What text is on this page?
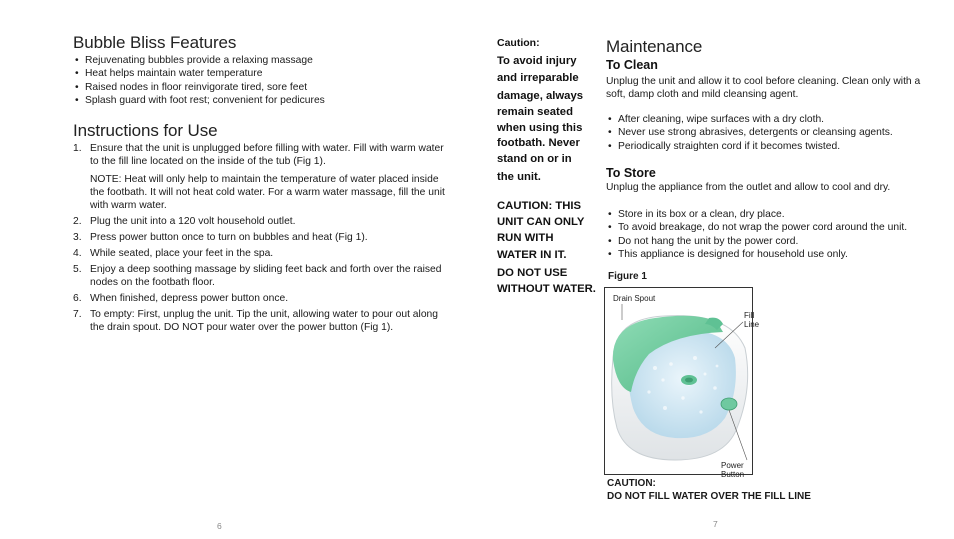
Bubble Bliss Features
• Rejuvenating bubbles provide a relaxing massage
• Heat helps maintain water temperature
• Raised nodes in floor reinvigorate tired, sore feet
• Splash guard with foot rest; convenient for pedicures
Instructions for Use
1. Ensure that the unit is unplugged before filling with water. Fill with warm water to the fill line located on the inside of the tub (Fig 1).
NOTE: Heat will only help to maintain the temperature of water placed inside the footbath. It will not heat cold water. For a warm water massage, fill the unit with warm water.
2. Plug the unit into a 120 volt household outlet.
3. Press power button once to turn on bubbles and heat (Fig 1).
4. While seated, place your feet in the spa.
5. Enjoy a deep soothing massage by sliding feet back and forth over the raised nodes on the footbath floor.
6. When finished, depress power button once.
7. To empty: First, unplug the unit. Tip the unit, allowing water to pour out along the drain spout. DO NOT pour water over the power button (Fig 1).
6

Caution:

To avoid injury

and irreparable

damage, always remain seated when using this footbath. Never stand on or in

the unit.

CAUTION: THIS UNIT CAN ONLY RUN WITH

WATER IN IT.

DO NOT USE WITHOUT WATER.

Maintenance
To Clean

Unplug the unit and allow it to cool before cleaning. Clean only with a soft, damp cloth and mild cleansing agent.

• After cleaning, wipe surfaces with a dry cloth.
• Never use strong abrasives, detergents or cleansing agents.
• Periodically straighten cord if it becomes twisted.
To Store

Unplug the appliance from the outlet and allow to cool and dry.

• Store in its box or a clean, dry place.
• To avoid breakage, do not wrap the power cord around the unit.
• Do not hang the unit by the power cord.
• This appliance is designed for household use only.
Figure 1
Drain Spout
Fill Line
Power Button
CAUTION:
DO NOT FILL WATER OVER THE FILL LINE
7
